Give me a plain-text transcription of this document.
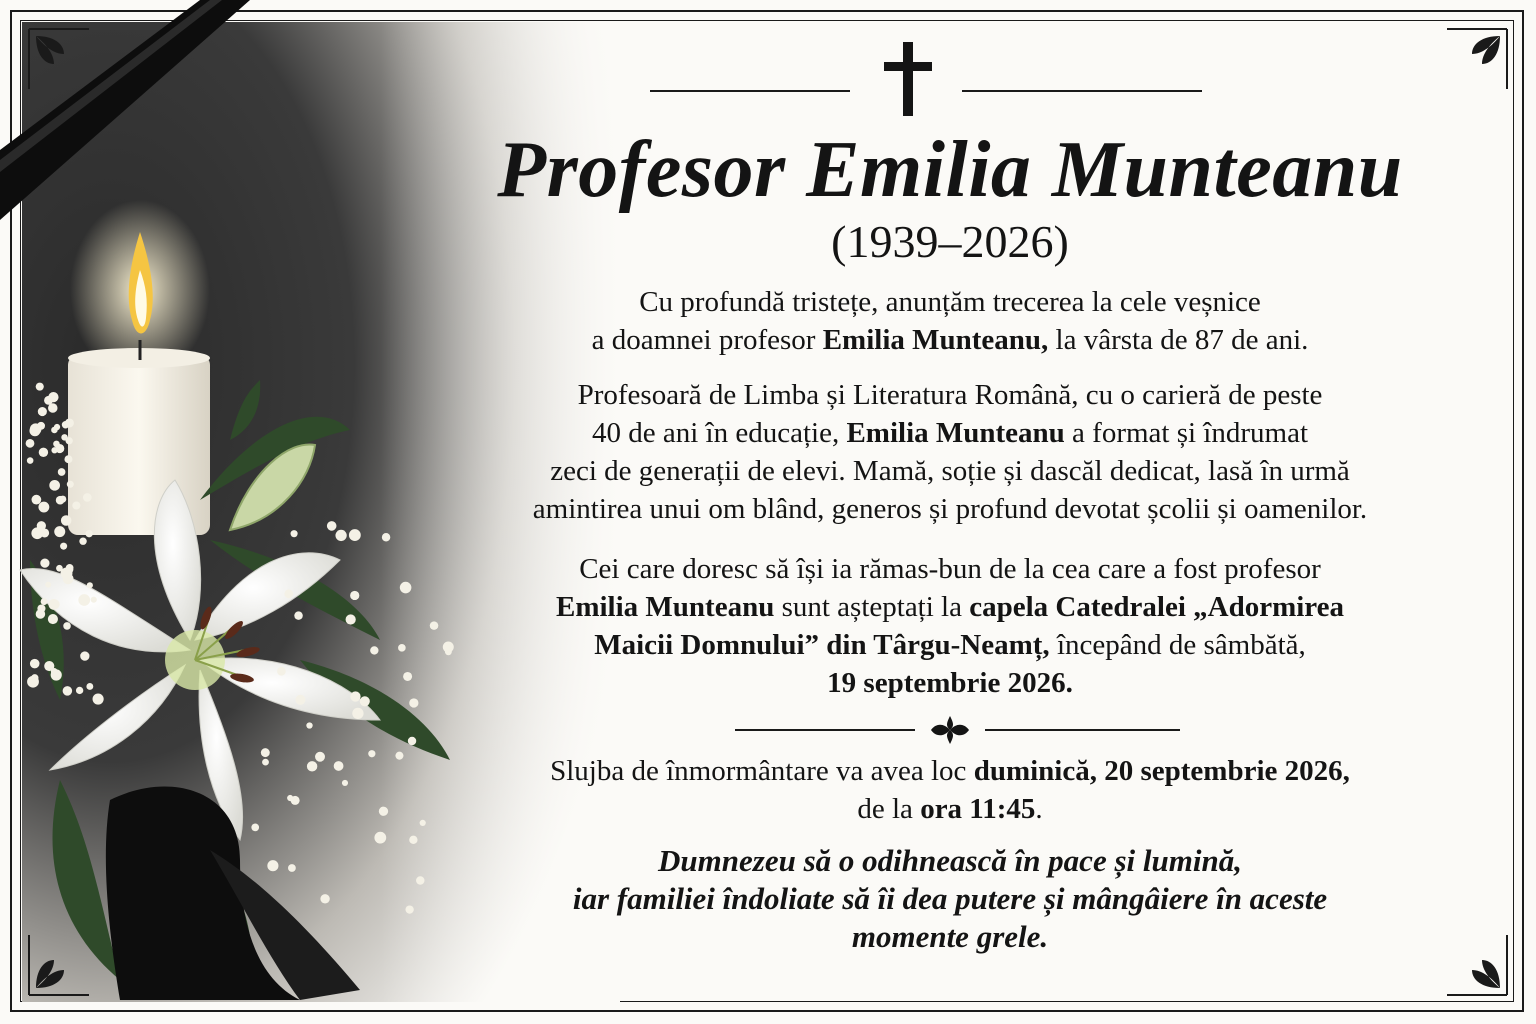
Profesor Emilia Munteanu
(1939–2026)
Cu profundă tristețe, anunțăm trecerea la cele veșnice
a doamnei profesor Emilia Munteanu, la vârsta de 87 de ani.
Profesoară de Limba și Literatura Română, cu o carieră de peste
40 de ani în educație, Emilia Munteanu a format și îndrumat
zeci de generații de elevi. Mamă, soție și dascăl dedicat, lasă în urmă
amintirea unui om blând, generos și profund devotat școlii și oamenilor.
Cei care doresc să își ia rămas-bun de la cea care a fost profesor
Emilia Munteanu sunt așteptați la capela Catedralei „Adormirea
Maicii Domnului” din Târgu-Neamț, începând de sâmbătă,
19 septembrie 2026.
Slujba de înmormântare va avea loc duminică, 20 septembrie 2026,
de la ora 11:45.
Dumnezeu să o odihnească în pace și lumină,
iar familiei îndoliate să îi dea putere și mângâiere în aceste
momente grele.
